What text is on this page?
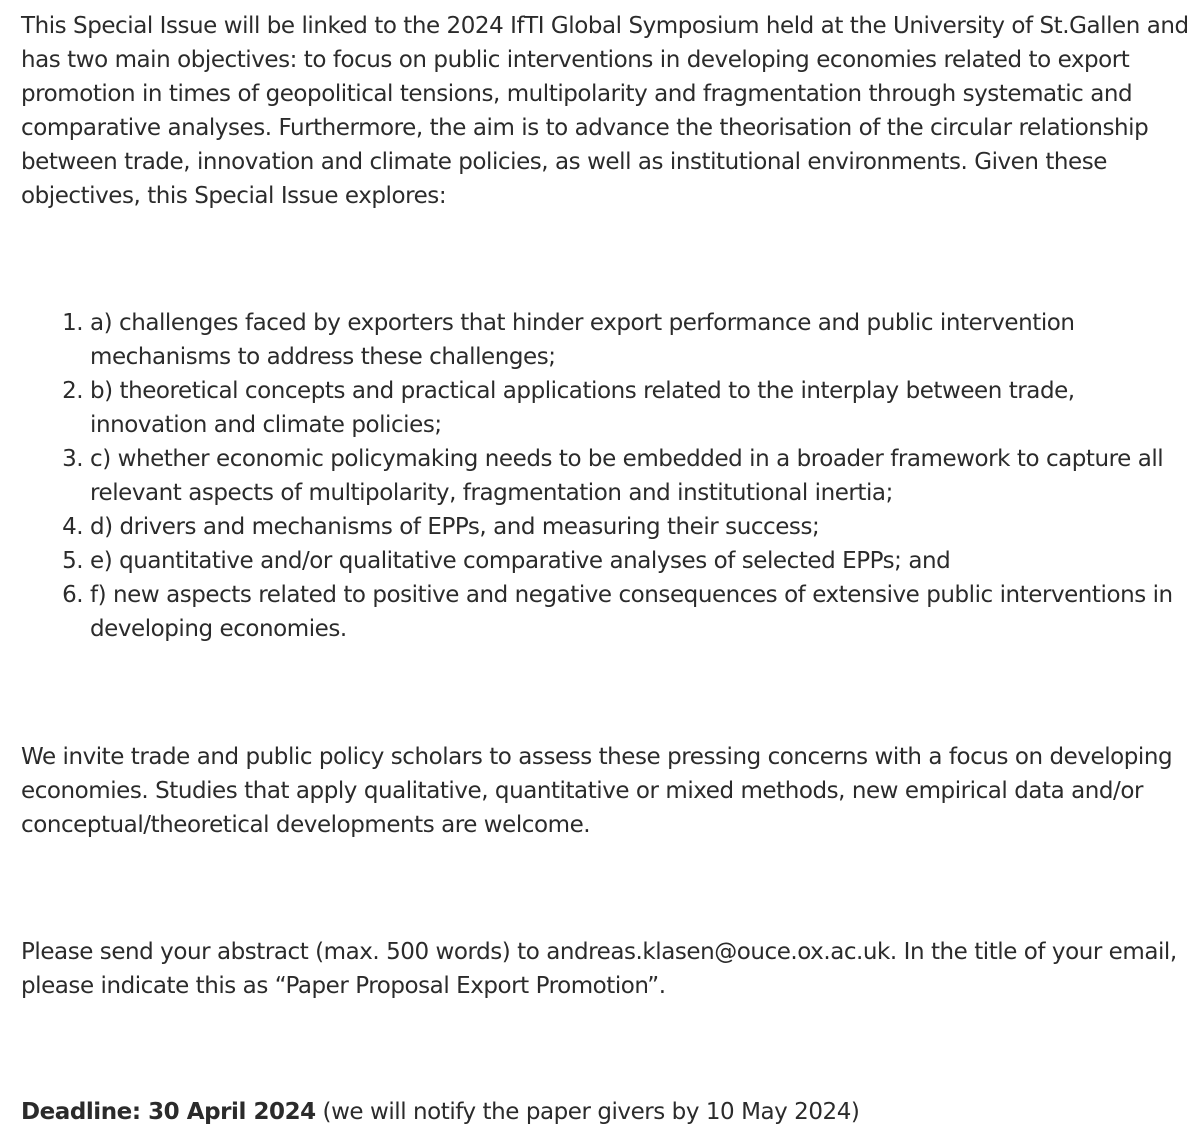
This Special Issue will be linked to the 2024 IfTI Global Symposium held at the University of St.Gallen and has two main objectives: to focus on public interventions in developing economies related to export promotion in times of geopolitical tensions, multipolarity and fragmentation through systematic and comparative analyses. Furthermore, the aim is to advance the theorisation of the circular relationship between trade, innovation and climate policies, as well as institutional environments. Given these objectives, this Special Issue explores:

1. a) challenges faced by exporters that hinder export performance and public intervention mechanisms to address these challenges;
2. b) theoretical concepts and practical applications related to the interplay between trade, innovation and climate policies;
3. c) whether economic policymaking needs to be embedded in a broader framework to capture all relevant aspects of multipolarity, fragmentation and institutional inertia;
4. d) drivers and mechanisms of EPPs, and measuring their success;
5. e) quantitative and/or qualitative comparative analyses of selected EPPs; and
6. f) new aspects related to positive and negative consequences of extensive public interventions in developing economies.

We invite trade and public policy scholars to assess these pressing concerns with a focus on developing economies. Studies that apply qualitative, quantitative or mixed methods, new empirical data and/or conceptual/theoretical developments are welcome.

Please send your abstract (max. 500 words) to andreas.klasen@ouce.ox.ac.uk. In the title of your email, please indicate this as “Paper Proposal Export Promotion”.

Deadline: 30 April 2024 (we will notify the paper givers by 10 May 2024)
